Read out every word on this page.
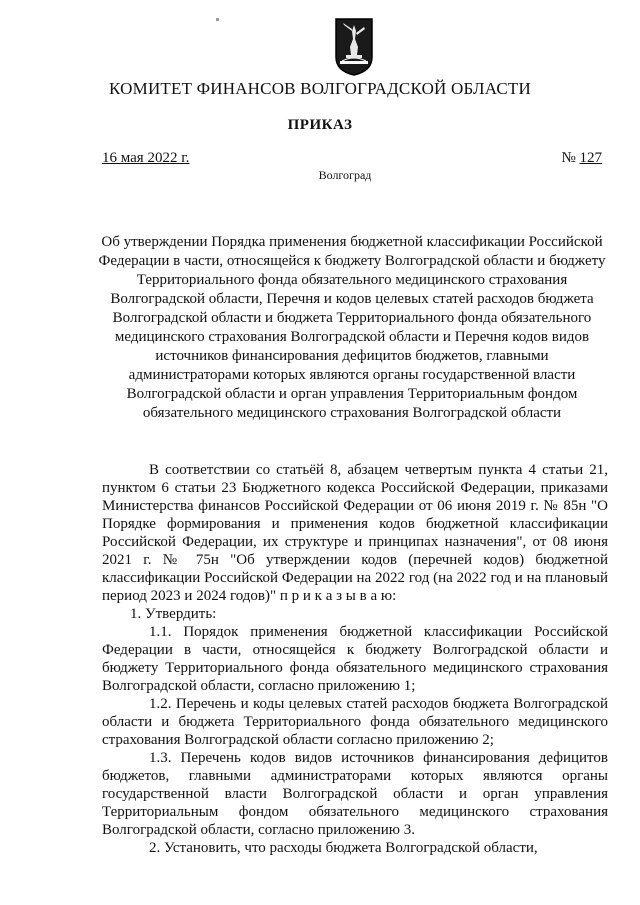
КОМИТЕТ ФИНАНСОВ ВОЛГОГРАДСКОЙ ОБЛАСТИ
ПРИКАЗ
16 мая 2022 г.	№ 127
Волгоград
Об утверждении Порядка применения бюджетной классификации Российской Федерации в части, относящейся к бюджету Волгоградской области и бюджету Территориального фонда обязательного медицинского страхования Волгоградской области, Перечня и кодов целевых статей расходов бюджета Волгоградской области и бюджета Территориального фонда обязательного медицинского страхования Волгоградской области и Перечня кодов видов источников финансирования дефицитов бюджетов, главными администраторами которых являются органы государственной власти Волгоградской области и орган управления Территориальным фондом обязательного медицинского страхования Волгоградской области

В соответствии со статьёй 8, абзацем четвертым пункта 4 статьи 21, пунктом 6 статьи 23 Бюджетного кодекса Российской Федерации, приказами Министерства финансов Российской Федерации от 06 июня 2019 г. № 85н "О Порядке формирования и применения кодов бюджетной классификации Российской Федерации, их структуре и принципах назначения", от 08 июня 2021 г. № 75н "Об утверждении кодов (перечней кодов) бюджетной классификации Российской Федерации на 2022 год (на 2022 год и на плановый период 2023 и 2024 годов)" п р и к а з ы в а ю:

1. Утвердить:

1.1. Порядок применения бюджетной классификации Российской Федерации в части, относящейся к бюджету Волгоградской области и бюджету Территориального фонда обязательного медицинского страхования Волгоградской области, согласно приложению 1;

1.2. Перечень и коды целевых статей расходов бюджета Волгоградской области и бюджета Территориального фонда обязательного медицинского страхования Волгоградской области согласно приложению 2;

1.3. Перечень кодов видов источников финансирования дефицитов бюджетов, главными администраторами которых являются органы государственной власти Волгоградской области и орган управления Территориальным фондом обязательного медицинского страхования Волгоградской области, согласно приложению 3.

2. Установить, что расходы бюджета Волгоградской области,
